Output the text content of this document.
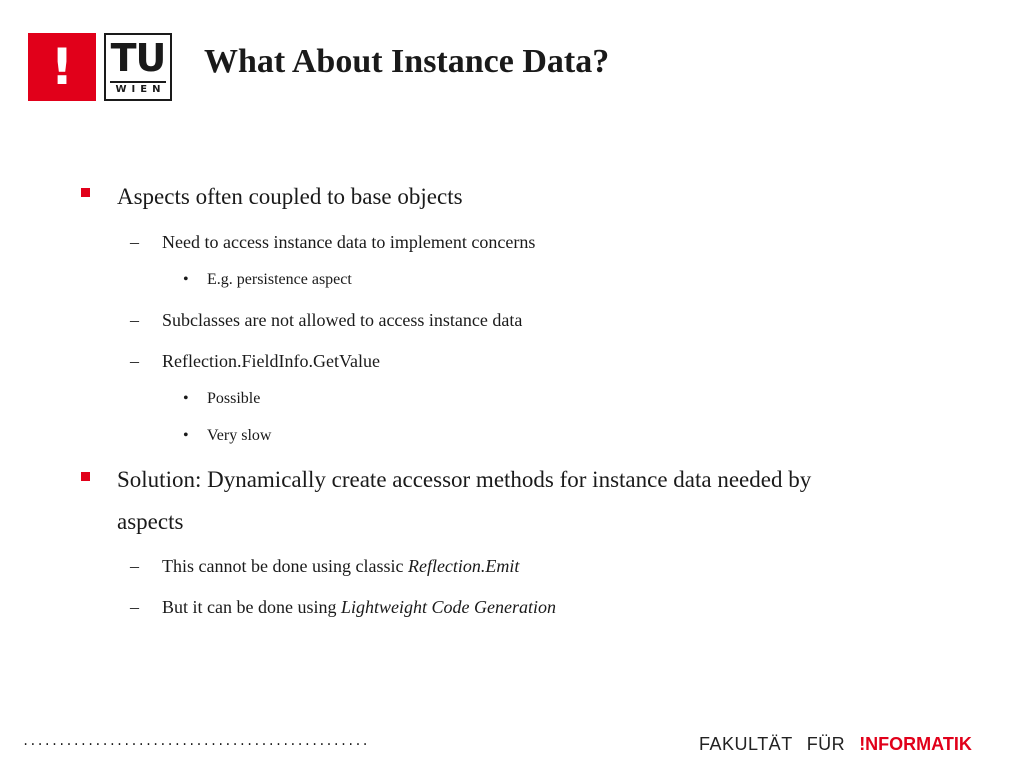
! TU
WIEN
What About Instance Data?

Aspects often coupled to base objects

– Need to access instance data to implement concerns

• E.g. persistence aspect

– Subclasses are not allowed to access instance data

– Reflection.FieldInfo.GetValue

• Possible

• Very slow

Solution: Dynamically create accessor methods for instance data needed by

aspects

– This cannot be done using classic Reflection.Emit

– But it can be done using Lightweight Code Generation

................................................	FAKULTÄT FÜR !NFORMATIK
